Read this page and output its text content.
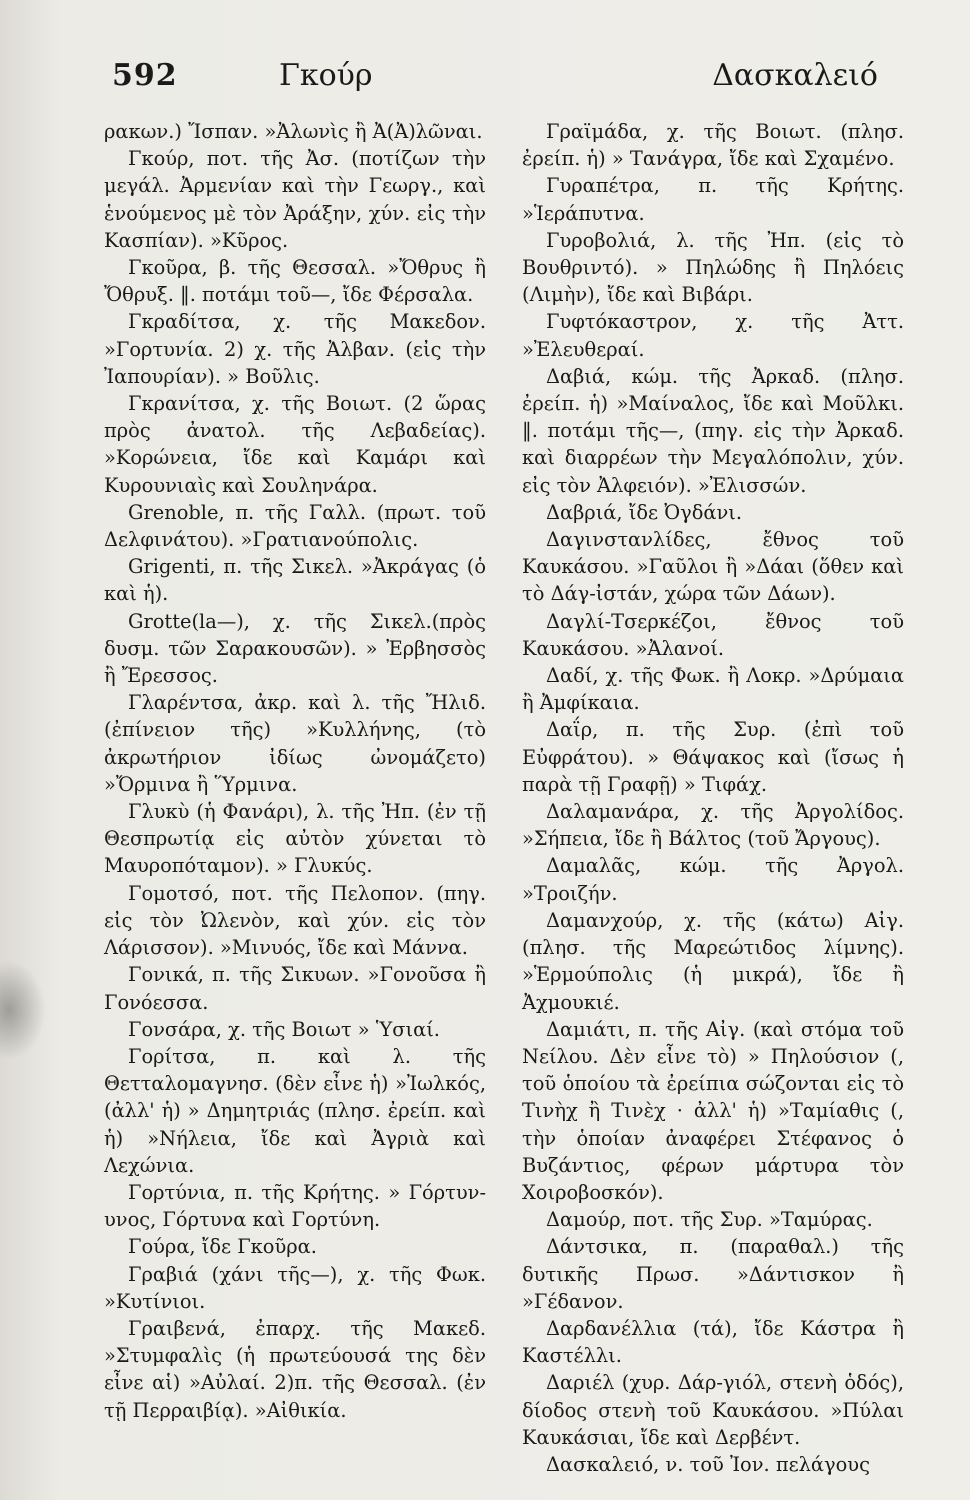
592	Γκούρ	Δασκαλειό

ρακων.) Ἴσπαν. »Ἀλωνὶς ἢ Ἀ(Ἀ)λῶναι.

Γκούρ, ποτ. τῆς Ἀσ. (ποτίζων τὴν μεγάλ. Ἀρμενίαν καὶ τὴν Γεωργ., καὶ ἑνούμενος μὲ τὸν Ἀράξην, χύν. εἰς τὴν Κασπίαν). »Κῦρος.

Γκοῦρα, β. τῆς Θεσσαλ. »Ὄθρυς ἢ Ὄθρυξ. ‖. ποτάμι τοῦ—, ἴδε Φέρσαλα.

Γκραδίτσα, χ. τῆς Μακεδον. »Γορτυνία. 2) χ. τῆς Ἀλβαν. (εἰς τὴν Ἰαπουρίαν). » Βοῦλις.

Γκρανίτσα, χ. τῆς Βοιωτ. (2 ὥρας πρὸς ἀνατολ. τῆς Λεβαδείας). »Κορώνεια, ἴδε καὶ Καμάρι καὶ Κυρουνιαὶς καὶ Σουληνάρα.

Grenoble, π. τῆς Γαλλ. (πρωτ. τοῦ Δελφινάτου). »Γρατιανούπολις.

Grigenti, π. τῆς Σικελ. »Ἀκράγας (ὁ καὶ ἡ).

Grotte(la—), χ. τῆς Σικελ.(πρὸς δυσμ. τῶν Σαρακουσῶν). » Ἐρβησσὸς ἢ Ἔρεσσος.

Γλαρέντσα, ἀκρ. καὶ λ. τῆς Ἤλιδ. (ἐπίνειον τῆς) »Κυλλήνης, (τὸ ἀκρωτήριον ἰδίως ὠνομάζετο) »Ὄρμινα ἢ Ὕρμινα.

Γλυκὺ (ἡ Φανάρι), λ. τῆς Ἠπ. (ἐν τῇ Θεσπρωτίᾳ εἰς αὐτὸν χύνεται τὸ Μαυροπόταμον). » Γλυκύς.

Γομοτσό, ποτ. τῆς Πελοπον. (πηγ. εἰς τὸν Ὠλενὸν, καὶ χύν. εἰς τὸν Λάρισσον). »Μινυός, ἴδε καὶ Μάννα.

Γονικά, π. τῆς Σικυων. »Γονοῦσα ἢ Γονόεσσα.

Γονσάρα, χ. τῆς Βοιωτ » Ὑσιαί.

Γορίτσα, π. καὶ λ. τῆς Θετταλομαγνησ. (δὲν εἶνε ἡ) »Ἰωλκός, (ἀλλ' ἡ) » Δημητριάς (πλησ. ἐρείπ. καὶ ἡ) »Νήλεια, ἴδε καὶ Ἀγριὰ καὶ Λεχώνια.

Γορτύνια, π. τῆς Κρήτης. » Γόρτυν-υνος, Γόρτυνα καὶ Γορτύνη.

Γούρα, ἴδε Γκοῦρα.

Γραβιά (χάνι τῆς—), χ. τῆς Φωκ. »Κυτίνιοι.

Γραιβενά, ἐπαρχ. τῆς Μακεδ. »Στυμφαλὶς (ἡ πρωτεύουσά της δὲν εἶνε αἱ) »Αὐλαί. 2)π. τῆς Θεσσαλ. (ἐν τῇ Περραιβίᾳ). »Αἰθικία.

Γραϊμάδα, χ. τῆς Βοιωτ. (πλησ. ἐρείπ. ἡ) » Τανάγρα, ἴδε καὶ Σχαμένο.

Γυραπέτρα, π. τῆς Κρήτης. »Ἱεράπυτνα.

Γυροβολιά, λ. τῆς Ἠπ. (εἰς τὸ Βουθριντό). » Πηλώδης ἢ Πηλόεις (Λιμὴν), ἴδε καὶ Βιβάρι.

Γυφτόκαστρον, χ. τῆς Ἀττ. »Ἐλευθεραί.

Δαβιά, κώμ. τῆς Ἀρκαδ. (πλησ. ἐρείπ. ἡ) »Μαίναλος, ἴδε καὶ Μοῦλκι. ‖. ποτάμι τῆς—, (πηγ. εἰς τὴν Ἀρκαδ. καὶ διαρρέων τὴν Μεγαλόπολιν, χύν. εἰς τὸν Ἀλφειόν). »Ἐλισσών.

Δαβριά, ἴδε Ὀγδάνι.

Δαγινστανλίδες, ἔθνος τοῦ Καυκάσου. »Γαῦλοι ἢ »Δάαι (ὅθεν καὶ τὸ Δάγ-ἰστάν, χώρα τῶν Δάων).

Δαγλί-Τσερκέζοι, ἔθνος τοῦ Καυκάσου. »Ἀλανοί.

Δαδί, χ. τῆς Φωκ. ἢ Λοκρ. »Δρύμαια ἢ Ἀμφίκαια.

Δαΐρ, π. τῆς Συρ. (ἐπὶ τοῦ Εὐφράτου). » Θάψακος καὶ (ἴσως ἡ παρὰ τῇ Γραφῇ) » Τιφάχ.

Δαλαμανάρα, χ. τῆς Ἀργολίδος. »Σήπεια, ἴδε ἢ Βάλτος (τοῦ Ἄργους).

Δαμαλᾶς, κώμ. τῆς Ἀργολ. »Τροιζήν.

Δαμανχούρ, χ. τῆς (κάτω) Αἰγ. (πλησ. τῆς Μαρεώτιδος λίμνης). »Ἑρμούπολις (ἡ μικρά), ἴδε ἢ Ἀχμουκιέ.

Δαμιάτι, π. τῆς Αἰγ. (καὶ στόμα τοῦ Νείλου. Δὲν εἶνε τὸ) » Πηλούσιον (, τοῦ ὁποίου τὰ ἐρείπια σώζονται εἰς τὸ Τινὴχ ἢ Τινὲχ · ἀλλ' ἡ) »Ταμίαθις (, τὴν ὁποίαν ἀναφέρει Στέφανος ὁ Βυζάντιος, φέρων μάρτυρα τὸν Χοιροβοσκόν).

Δαμούρ, ποτ. τῆς Συρ. »Ταμύρας.

Δάντσικα, π. (παραθαλ.) τῆς δυτικῆς Πρωσ. »Δάντισκον ἢ »Γέδανον.

Δαρδανέλλια (τά), ἴδε Κάστρα ἢ Καστέλλι.

Δαριέλ (χυρ. Δάρ-γιόλ, στενὴ ὁδός), δίοδος στενὴ τοῦ Καυκάσου. »Πύλαι Καυκάσιαι, ἴδε καὶ Δερβέντ.

Δασκαλειό, ν. τοῦ Ἰον. πελάγους
